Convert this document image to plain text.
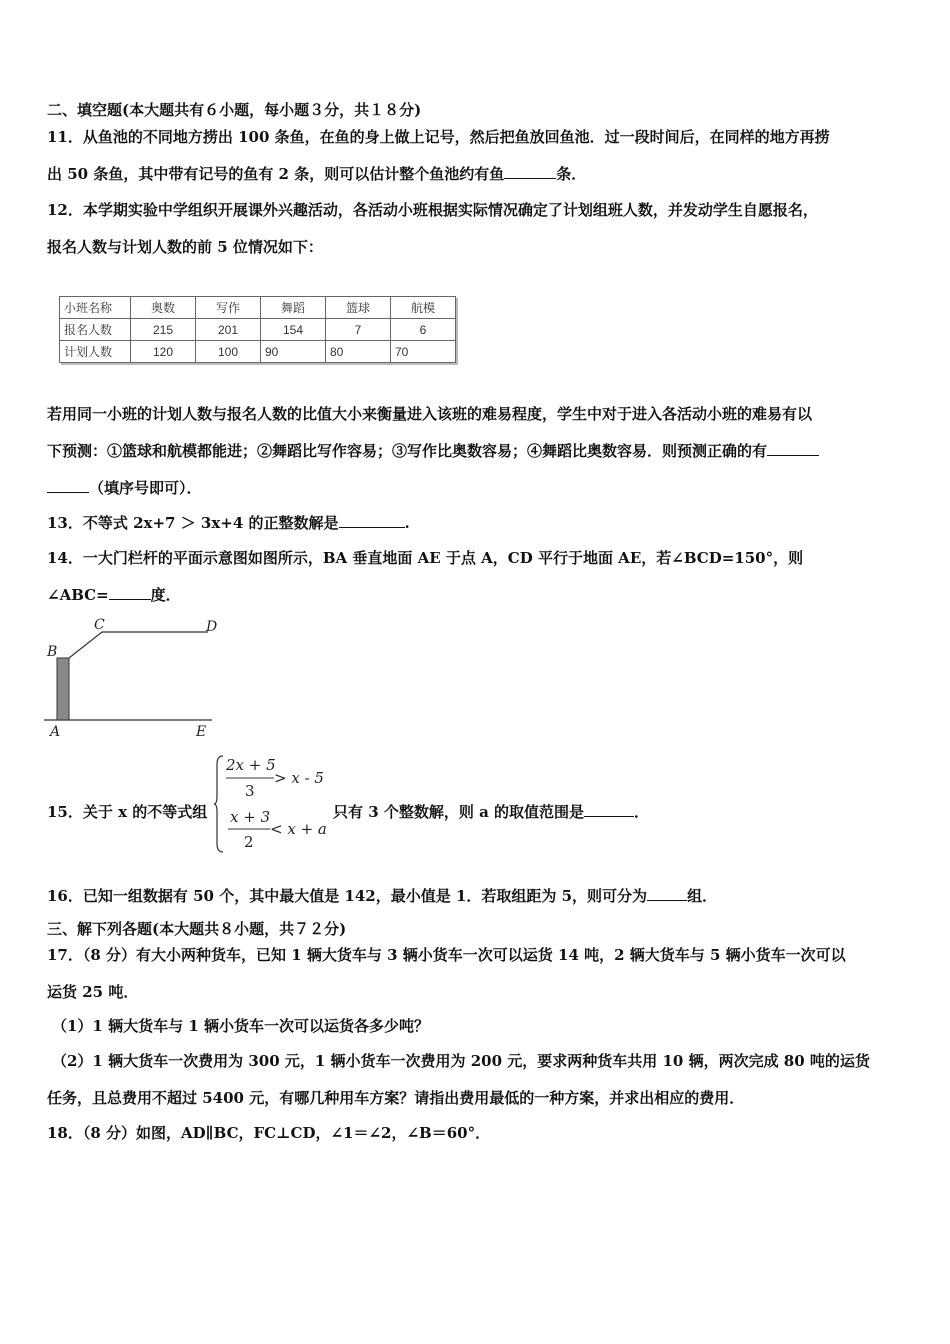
二、填空题(本大题共有６小题，每小题３分，共１８分)
11．从鱼池的不同地方捞出 100 条鱼，在鱼的身上做上记号，然后把鱼放回鱼池．过一段时间后，在同样的地方再捞
出 50 条鱼，其中带有记号的鱼有 2 条，则可以估计整个鱼池约有鱼	条．
12．本学期实验中学组织开展课外兴趣活动，各活动小班根据实际情况确定了计划组班人数，并发动学生自愿报名，
报名人数与计划人数的前 5 位情况如下：
小班名称	奥数	写作	舞蹈	篮球	航模
报名人数	215	201	154	7	6
计划人数	120	100	90	80	70
若用同一小班的计划人数与报名人数的比值大小来衡量进入该班的难易程度，学生中对于进入各活动小班的难易有以
下预测：①篮球和航模都能进；②舞蹈比写作容易；③写作比奥数容易；④舞蹈比奥数容易．则预测正确的有
（填序号即可）．
13．不等式 2x+7 ＞ 3x+4 的正整数解是	.
14．一大门栏杆的平面示意图如图所示，BA 垂直地面 AE 于点 A，CD 平行于地面 AE，若∠BCD=150°，则
∠ABC=	度．
B
C	D
A	E
15．关于 x 的不等式组
2x + 5
3
> x - 5
x + 3
2
< x + a
只有 3 个整数解，则 a 的取值范围是	．
16．已知一组数据有 50 个，其中最大值是 142，最小值是 1．若取组距为 5，则可分为	组．
三、解下列各题(本大题共８小题，共７２分)
17．（8 分）有大小两种货车，已知 1 辆大货车与 3 辆小货车一次可以运货 14 吨，2 辆大货车与 5 辆小货车一次可以
运货 25 吨．
（1）1 辆大货车与 1 辆小货车一次可以运货各多少吨？
（2）1 辆大货车一次费用为 300 元，1 辆小货车一次费用为 200 元，要求两种货车共用 10 辆，两次完成 80 吨的运货
任务，且总费用不超过 5400 元，有哪几种用车方案？请指出费用最低的一种方案，并求出相应的费用．
18．（8 分）如图，AD∥BC，FC⊥CD，∠1＝∠2，∠B＝60°．
